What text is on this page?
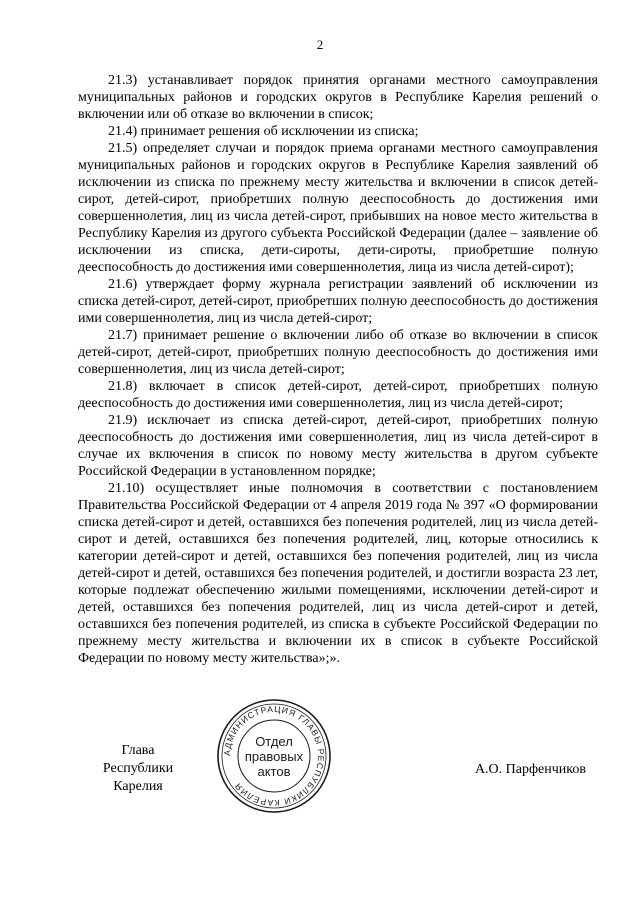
2

21.3) устанавливает порядок принятия органами местного самоуправления муниципальных районов и городских округов в Республике Карелия решений о включении или об отказе во включении в список;

21.4) принимает решения об исключении из списка;

21.5) определяет случаи и порядок приема органами местного самоуправления муниципальных районов и городских округов в Республике Карелия заявлений об исключении из списка по прежнему месту жительства и включении в список детей-сирот, детей-сирот, приобретших полную дееспособность до достижения ими совершеннолетия, лиц из числа детей-сирот, прибывших на новое место жительства в Республику Карелия из другого субъекта Российской Федерации (далее – заявление об исключении из списка, дети-сироты, дети-сироты, приобретшие полную дееспособность до достижения ими совершеннолетия, лица из числа детей-сирот);

21.6) утверждает форму журнала регистрации заявлений об исключении из списка детей-сирот, детей-сирот, приобретших полную дееспособность до достижения ими совершеннолетия, лиц из числа детей-сирот;

21.7) принимает решение о включении либо об отказе во включении в список детей-сирот, детей-сирот, приобретших полную дееспособность до достижения ими совершеннолетия, лиц из числа детей-сирот;

21.8) включает в список детей-сирот, детей-сирот, приобретших полную дееспособность до достижения ими совершеннолетия, лиц из числа детей-сирот;

21.9) исключает из списка детей-сирот, детей-сирот, приобретших полную дееспособность до достижения ими совершеннолетия, лиц из числа детей-сирот в случае их включения в список по новому месту жительства в другом субъекте Российской Федерации в установленном порядке;

21.10) осуществляет иные полномочия в соответствии с постановлением Правительства Российской Федерации от 4 апреля 2019 года № 397 «О формировании списка детей-сирот и детей, оставшихся без попечения родителей, лиц из числа детей-сирот и детей, оставшихся без попечения родителей, лиц, которые относились к категории детей-сирот и детей, оставшихся без попечения родителей, лиц из числа детей-сирот и детей, оставшихся без попечения родителей, и достигли возраста 23 лет, которые подлежат обеспечению жилыми помещениями, исключении детей-сирот и детей, оставшихся без попечения родителей, лиц из числа детей-сирот и детей, оставшихся без попечения родителей, из списка в субъекте Российской Федерации по прежнему месту жительства и включении их в список в субъекте Российской Федерации по новому месту жительства»;».

Глава
Республики Карелия
АДМИНИСТРАЦИЯ ГЛАВЫ РЕСПУБЛИКИ КАРЕЛИЯ
Отдел
правовых
актов	А.О. Парфенчиков
